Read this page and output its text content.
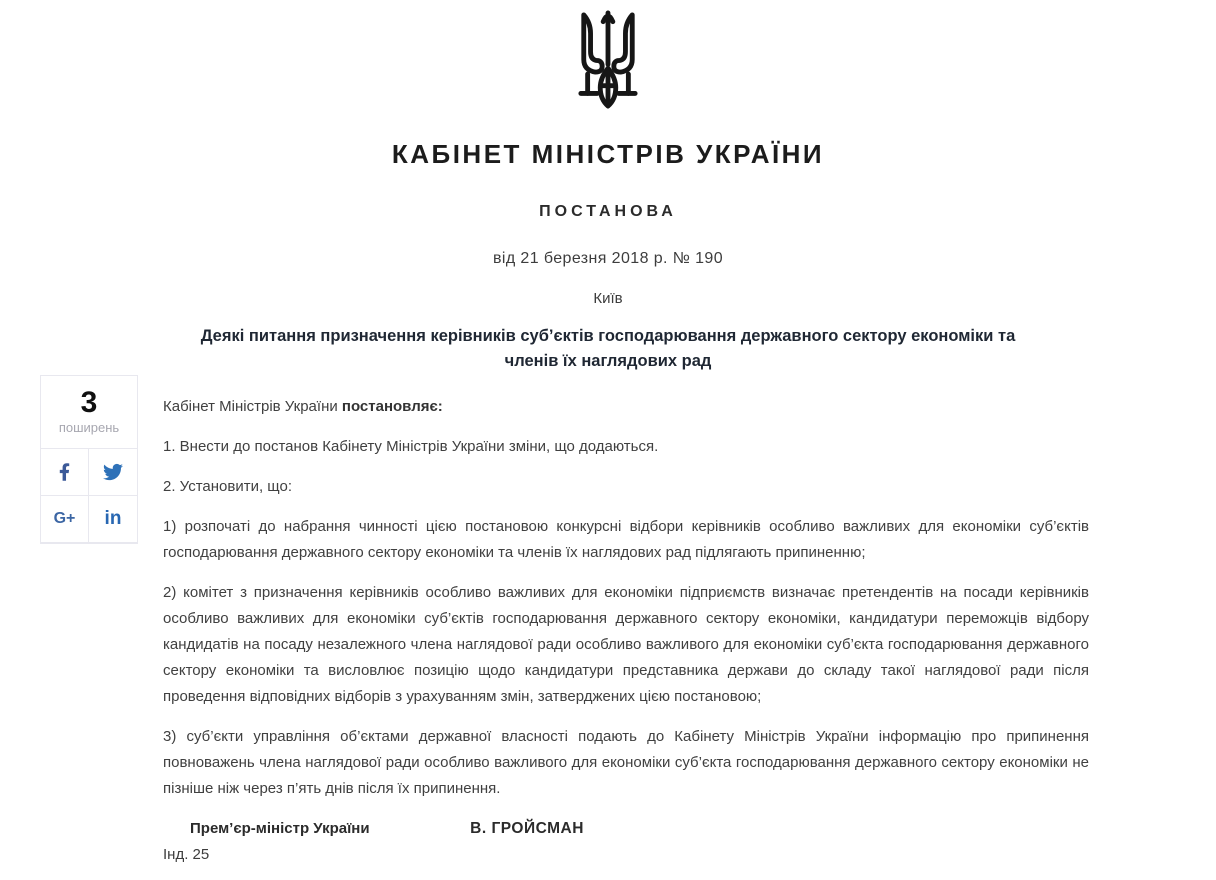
КАБІНЕТ МІНІСТРІВ УКРАЇНИ
ПОСТАНОВА
від 21 березня 2018 р. № 190
Київ
Деякі питання призначення керівників суб’єктів господарювання державного сектору економіки та членів їх наглядових рад
3
поширень
G+ in

Кабінет Міністрів України постановляє:

1. Внести до постанов Кабінету Міністрів України зміни, що додаються.

2. Установити, що:

1) розпочаті до набрання чинності цією постановою конкурсні відбори керівників особливо важливих для економіки суб’єктів господарювання державного сектору економіки та членів їх наглядових рад підлягають припиненню;

2) комітет з призначення керівників особливо важливих для економіки підприємств визначає претендентів на посади керівників особливо важливих для економіки суб’єктів господарювання державного сектору економіки, кандидатури переможців відбору кандидатів на посаду незалежного члена наглядової ради особливо важливого для економіки суб’єкта господарювання державного сектору економіки та висловлює позицію щодо кандидатури представника держави до складу такої наглядової ради після проведення відповідних відборів з урахуванням змін, затверджених цією постановою;

3) суб’єкти управління об’єктами державної власності подають до Кабінету Міністрів України інформацію про припинення повноважень члена наглядової ради особливо важливого для економіки суб’єкта господарювання державного сектору економіки не пізніше ніж через п’ять днів після їх припинення.

Прем’єр-міністр України	В. ГРОЙСМАН

Інд. 25
